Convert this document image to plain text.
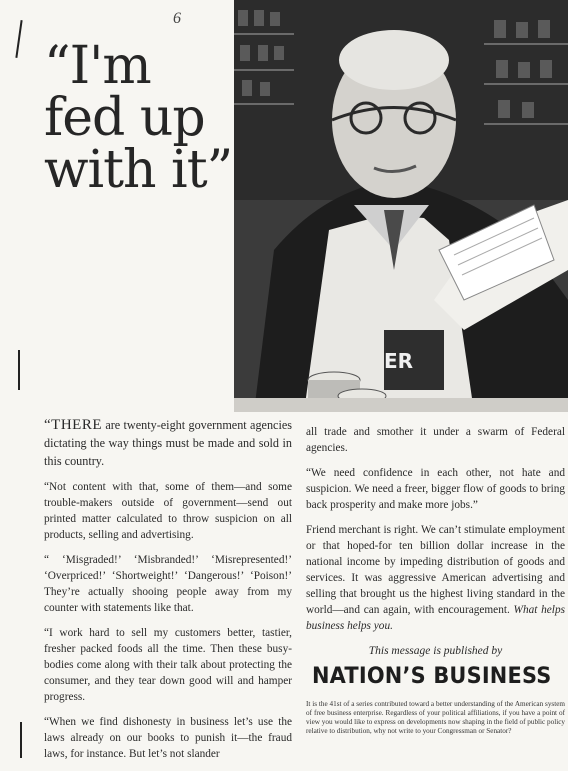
6
“I'm
fed up
with it”
ER

“THERE are twenty-eight government agencies dictating the way things must be made and sold in this country.

“Not content with that, some of them—and some trouble-makers outside of government—send out printed matter calculated to throw suspicion on all products, selling and advertising.

“ ‘Misgraded!’ ‘Misbranded!’ ‘Misrepresented!’ ‘Overpriced!’ ‘Shortweight!’ ‘Dangerous!’ ‘Poison!’ They’re actually shooing people away from my counter with statements like that.

“I work hard to sell my customers better, tastier, fresher packed foods all the time. Then these busy-bodies come along with their talk about protecting the consumer, and they tear down good will and hamper progress.

“When we find dishonesty in business let’s use the laws already on our books to punish it—the fraud laws, for instance. But let’s not slander

all trade and smother it under a swarm of Federal agencies.

“We need confidence in each other, not hate and suspicion. We need a freer, bigger flow of goods to bring back prosperity and make more jobs.”

Friend merchant is right. We can’t stimulate employment or that hoped-for ten billion dollar increase in the national income by impeding distribution of goods and services. It was aggressive American advertising and selling that brought us the highest living standard in the world—and can again, with encouragement. What helps business helps you.

This message is published by
NATION’S BUSINESS
It is the 41st of a series contributed toward a better understanding of the American system of free business enterprise. Regardless of your political affiliations, if you have a point of view you would like to express on developments now shaping in the field of public policy relative to distribution, why not write to your Congressman or Senator?
